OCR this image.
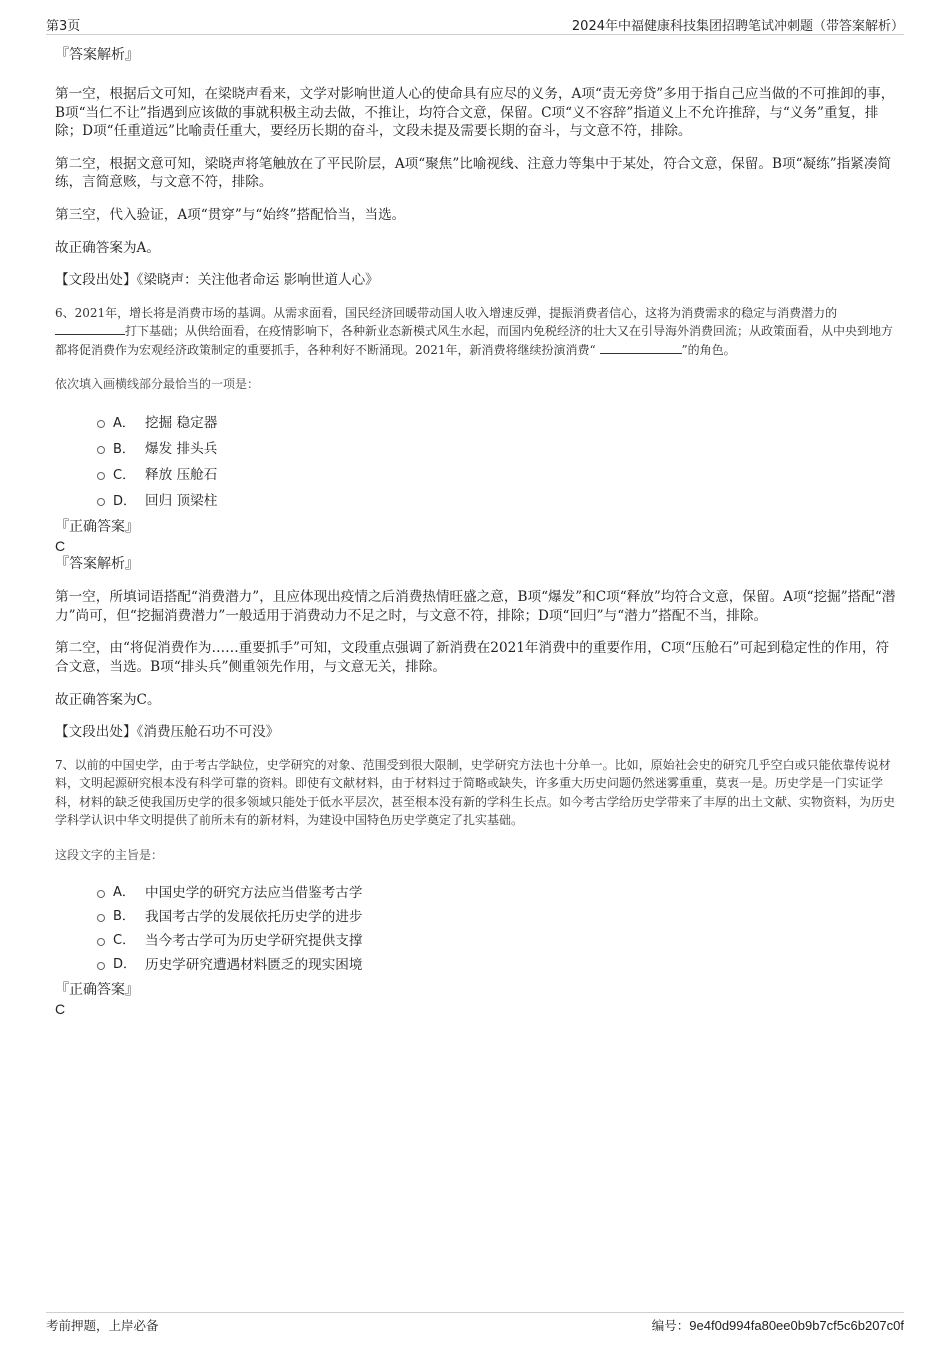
第3页	2024年中福健康科技集团招聘笔试冲刺题（带答案解析）
『答案解析』

第一空，根据后文可知，在梁晓声看来，文学对影响世道人心的使命具有应尽的义务，A项“责无旁贷”多用于指自己应当做的不可推卸的事，B项“当仁不让”指遇到应该做的事就积极主动去做，不推让，均符合文意，保留。C项“义不容辞”指道义上不允许推辞，与“义务”重复，排除；D项“任重道远”比喻责任重大，要经历长期的奋斗，文段未提及需要长期的奋斗，与文意不符，排除。

第二空，根据文意可知，梁晓声将笔触放在了平民阶层，A项“聚焦”比喻视线、注意力等集中于某处，符合文意，保留。B项“凝练”指紧凑简练，言简意赅，与文意不符，排除。

第三空，代入验证，A项“贯穿”与“始终”搭配恰当，当选。

故正确答案为A。

【文段出处】《梁晓声：关注他者命运 影响世道人心》

6、2021年，增长将是消费市场的基调。从需求面看，国民经济回暖带动国人收入增速反弹，提振消费者信心，这将为消费需求的稳定与消费潜力的 打下基础；从供给面看，在疫情影响下，各种新业态新模式风生水起，而国内免税经济的壮大又在引导海外消费回流；从政策面看，从中央到地方都将促消费作为宏观经济政策制定的重要抓手，各种利好不断涌现。2021年，新消费将继续扮演消费“	”的角色。

依次填入画横线部分最恰当的一项是：
A． 挖掘 稳定器
B． 爆发 排头兵
C． 释放 压舱石
D． 回归 顶梁柱
『正确答案』
C
『答案解析』

第一空，所填词语搭配“消费潜力”，且应体现出疫情之后消费热情旺盛之意，B项“爆发”和C项“释放”均符合文意，保留。A项“挖掘”搭配“潜力”尚可，但“挖掘消费潜力”一般适用于消费动力不足之时，与文意不符，排除；D项“回归”与“潜力”搭配不当，排除。

第二空，由“将促消费作为……重要抓手”可知，文段重点强调了新消费在2021年消费中的重要作用，C项“压舱石”可起到稳定性的作用，符合文意，当选。B项“排头兵”侧重领先作用，与文意无关，排除。

故正确答案为C。

【文段出处】《消费压舱石功不可没》

7、以前的中国史学，由于考古学缺位，史学研究的对象、范围受到很大限制，史学研究方法也十分单一。比如，原始社会史的研究几乎空白或只能依靠传说材料，文明起源研究根本没有科学可靠的资料。即使有文献材料，由于材料过于简略或缺失，许多重大历史问题仍然迷雾重重，莫衷一是。历史学是一门实证学科，材料的缺乏使我国历史学的很多领域只能处于低水平层次，甚至根本没有新的学科生长点。如今考古学给历史学带来了丰厚的出土文献、实物资料，为历史学科学认识中华文明提供了前所未有的新材料，为建设中国特色历史学奠定了扎实基础。

这段文字的主旨是：
A． 中国史学的研究方法应当借鉴考古学
B． 我国考古学的发展依托历史学的进步
C． 当今考古学可为历史学研究提供支撑
D． 历史学研究遭遇材料匮乏的现实困境
『正确答案』
C
考前押题，上岸必备	编号：9e4f0d994fa80ee0b9b7cf5c6b207c0f
